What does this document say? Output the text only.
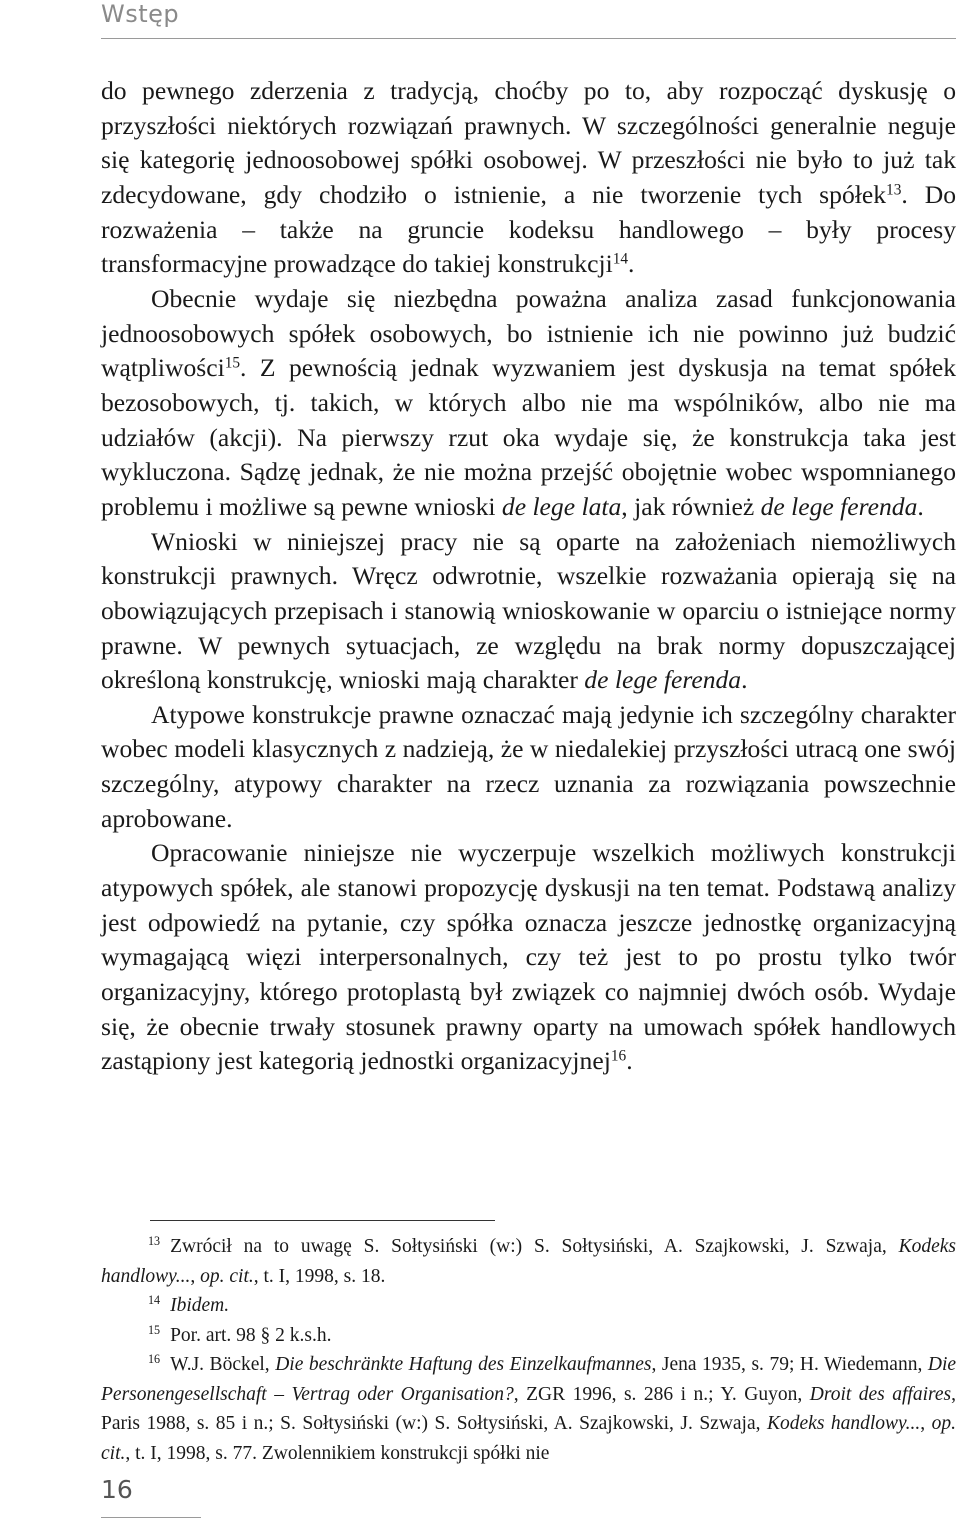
Wstęp

do pewnego zderzenia z tradycją, choćby po to, aby rozpocząć dyskusję o przyszłości niektórych rozwiązań prawnych. W szczególności generalnie neguje się kategorię jednoosobowej spółki osobowej. W przeszłości nie było to już tak zdecydowane, gdy chodziło o istnienie, a nie tworzenie tych spółek$^{13}$. Do rozważenia – także na gruncie kodeksu handlowego – były procesy transformacyjne prowadzące do takiej konstrukcji$^{14}$.

Obecnie wydaje się niezbędna poważna analiza zasad funkcjonowania jednoosobowych spółek osobowych, bo istnienie ich nie powinno już budzić wątpliwości$^{15}$. Z pewnością jednak wyzwaniem jest dyskusja na temat spółek bezosobowych, tj. takich, w których albo nie ma wspólników, albo nie ma udziałów (akcji). Na pierwszy rzut oka wydaje się, że konstrukcja taka jest wykluczona. Sądzę jednak, że nie można przejść obojętnie wobec wspomnianego problemu i możliwe są pewne wnioski de lege lata, jak również de lege ferenda.

Wnioski w niniejszej pracy nie są oparte na założeniach niemożliwych konstrukcji prawnych. Wręcz odwrotnie, wszelkie rozważania opierają się na obowiązujących przepisach i stanowią wnioskowanie w oparciu o istniejące normy prawne. W pewnych sytuacjach, ze względu na brak normy dopuszczającej określoną konstrukcję, wnioski mają charakter de lege ferenda.

Atypowe konstrukcje prawne oznaczać mają jedynie ich szczególny charakter wobec modeli klasycznych z nadzieją, że w niedalekiej przyszłości utracą one swój szczególny, atypowy charakter na rzecz uznania za rozwiązania powszechnie aprobowane.

Opracowanie niniejsze nie wyczerpuje wszelkich możliwych konstrukcji atypowych spółek, ale stanowi propozycję dyskusji na ten temat. Podstawą analizy jest odpowiedź na pytanie, czy spółka oznacza jeszcze jednostkę organizacyjną wymagającą więzi interpersonalnych, czy też jest to po prostu tylko twór organizacyjny, którego protoplastą był związek co najmniej dwóch osób. Wydaje się, że obecnie trwały stosunek prawny oparty na umowach spółek handlowych zastąpiony jest kategorią jednostki organizacyjnej$^{16}$.

$^{13}$ Zwrócił na to uwagę S. Sołtysiński (w:) S. Sołtysiński, A. Szajkowski, J. Szwaja, Kodeks handlowy..., op. cit., t. I, 1998, s. 18.

$^{14}$ Ibidem.

$^{15}$ Por. art. 98 § 2 k.s.h.

$^{16}$ W.J. Böckel, Die beschränkte Haftung des Einzelkaufmannes, Jena 1935, s. 79; H. Wiedemann, Die Personengesellschaft – Vertrag oder Organisation?, ZGR 1996, s. 286 i n.; Y. Guyon, Droit des affaires, Paris 1988, s. 85 i n.; S. Sołtysiński (w:) S. Sołtysiński, A. Szajkowski, J. Szwaja, Kodeks handlowy..., op. cit., t. I, 1998, s. 77. Zwolennikiem konstrukcji spółki nie

16
